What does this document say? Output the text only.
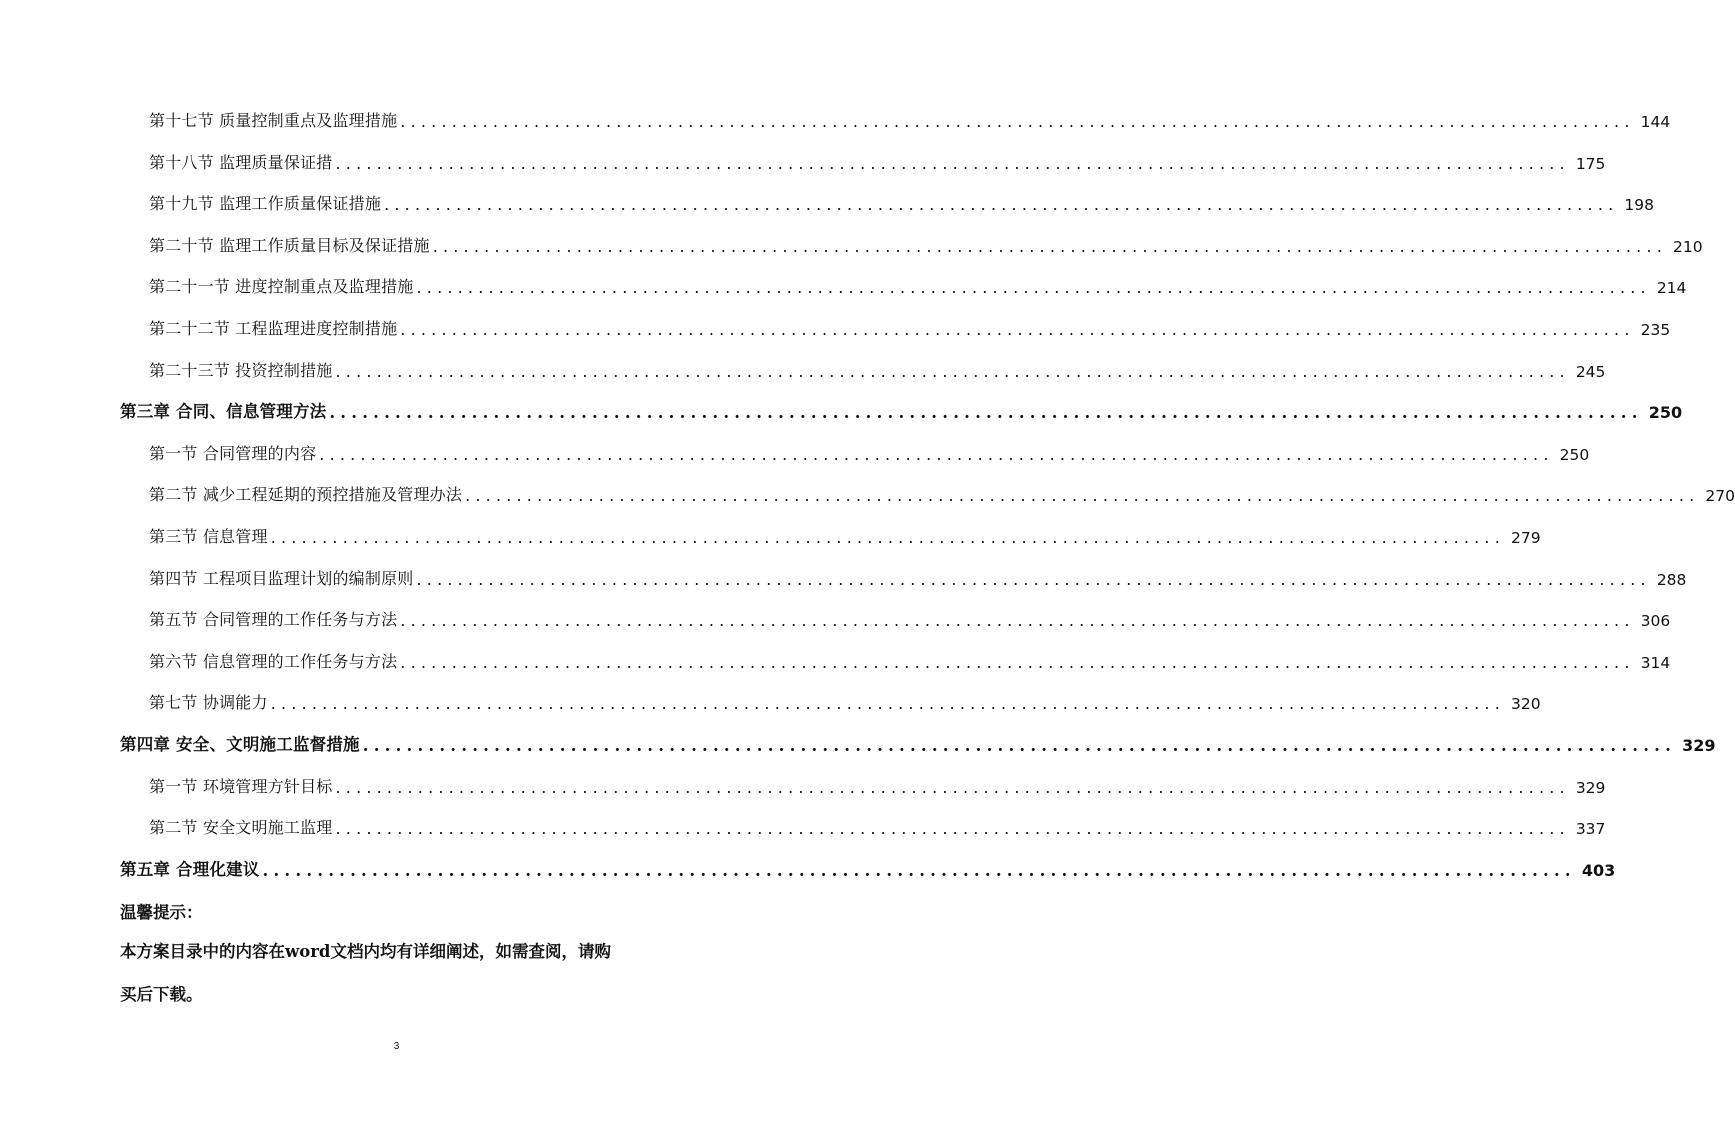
第十七节 质量控制重点及监理措施 ........................................................................................................................ 144
第十八节 监理质量保证措 ........................................................................................................................ 175
第十九节 监理工作质量保证措施 ........................................................................................................................ 198
第二十节 监理工作质量目标及保证措施 ........................................................................................................................ 210
第二十一节 进度控制重点及监理措施 ........................................................................................................................ 214
第二十二节 工程监理进度控制措施 ........................................................................................................................ 235
第二十三节 投资控制措施 ........................................................................................................................ 245
第三章 合同、信息管理方法 ........................................................................................................................ 250
第一节 合同管理的内容 ........................................................................................................................ 250
第二节 减少工程延期的预控措施及管理办法 ........................................................................................................................ 270
第三节 信息管理 ........................................................................................................................ 279
第四节 工程项目监理计划的编制原则 ........................................................................................................................ 288
第五节 合同管理的工作任务与方法 ........................................................................................................................ 306
第六节 信息管理的工作任务与方法 ........................................................................................................................ 314
第七节 协调能力 ........................................................................................................................ 320
第四章 安全、文明施工监督措施 ........................................................................................................................ 329
第一节 环境管理方针目标 ........................................................................................................................ 329
第二节 安全文明施工监理 ........................................................................................................................ 337
第五章 合理化建议 ........................................................................................................................ 403
温馨提示：
本方案目录中的内容在word文档内均有详细阐述，如需查阅，请购
买后下载。
3
